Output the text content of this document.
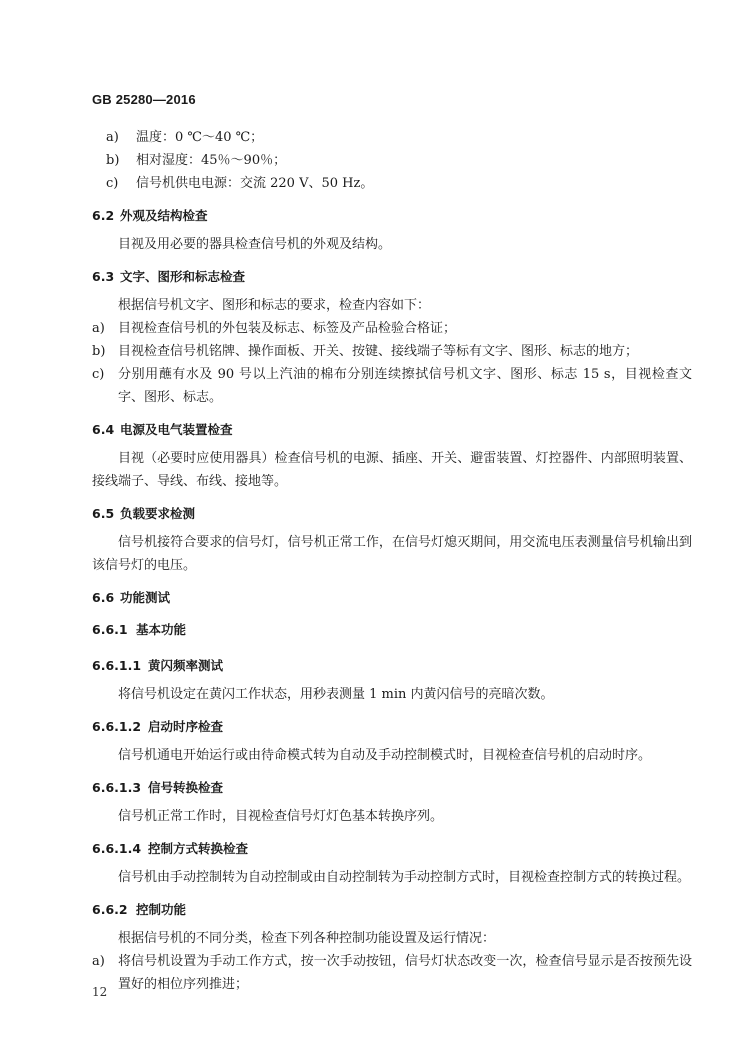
GB 25280—2016
a)	温度：0 ℃～40 ℃；
b)	相对湿度：45％～90％；
c)	信号机供电电源：交流 220 V、50 Hz。
6.2 外观及结构检查
目视及用必要的器具检查信号机的外观及结构。
6.3 文字、图形和标志检查
根据信号机文字、图形和标志的要求，检查内容如下：
a)	目视检查信号机的外包装及标志、标签及产品检验合格证；
b) 目视检查信号机铭牌、操作面板、开关、按键、接线端子等标有文字、图形、标志的地方；
c)	分别用蘸有水及 90 号以上汽油的棉布分别连续擦拭信号机文字、图形、标志 15 s，目视检查文字、图形、标志。
6.4 电源及电气装置检查
目视（必要时应使用器具）检查信号机的电源、插座、开关、避雷装置、灯控器件、内部照明装置、接线端子、导线、布线、接地等。
6.5 负载要求检测
信号机接符合要求的信号灯，信号机正常工作，在信号灯熄灭期间，用交流电压表测量信号机输出到该信号灯的电压。
6.6 功能测试
6.6.1 基本功能
6.6.1.1 黄闪频率测试
将信号机设定在黄闪工作状态，用秒表测量 1 min 内黄闪信号的亮暗次数。
6.6.1.2 启动时序检查
信号机通电开始运行或由待命模式转为自动及手动控制模式时，目视检查信号机的启动时序。
6.6.1.3 信号转换检查
信号机正常工作时，目视检查信号灯灯色基本转换序列。
6.6.1.4 控制方式转换检查
信号机由手动控制转为自动控制或由自动控制转为手动控制方式时，目视检查控制方式的转换过程。
6.6.2 控制功能
根据信号机的不同分类，检查下列各种控制功能设置及运行情况：
a)	将信号机设置为手动工作方式，按一次手动按钮，信号灯状态改变一次，检查信号显示是否按预先设置好的相位序列推进；
12
